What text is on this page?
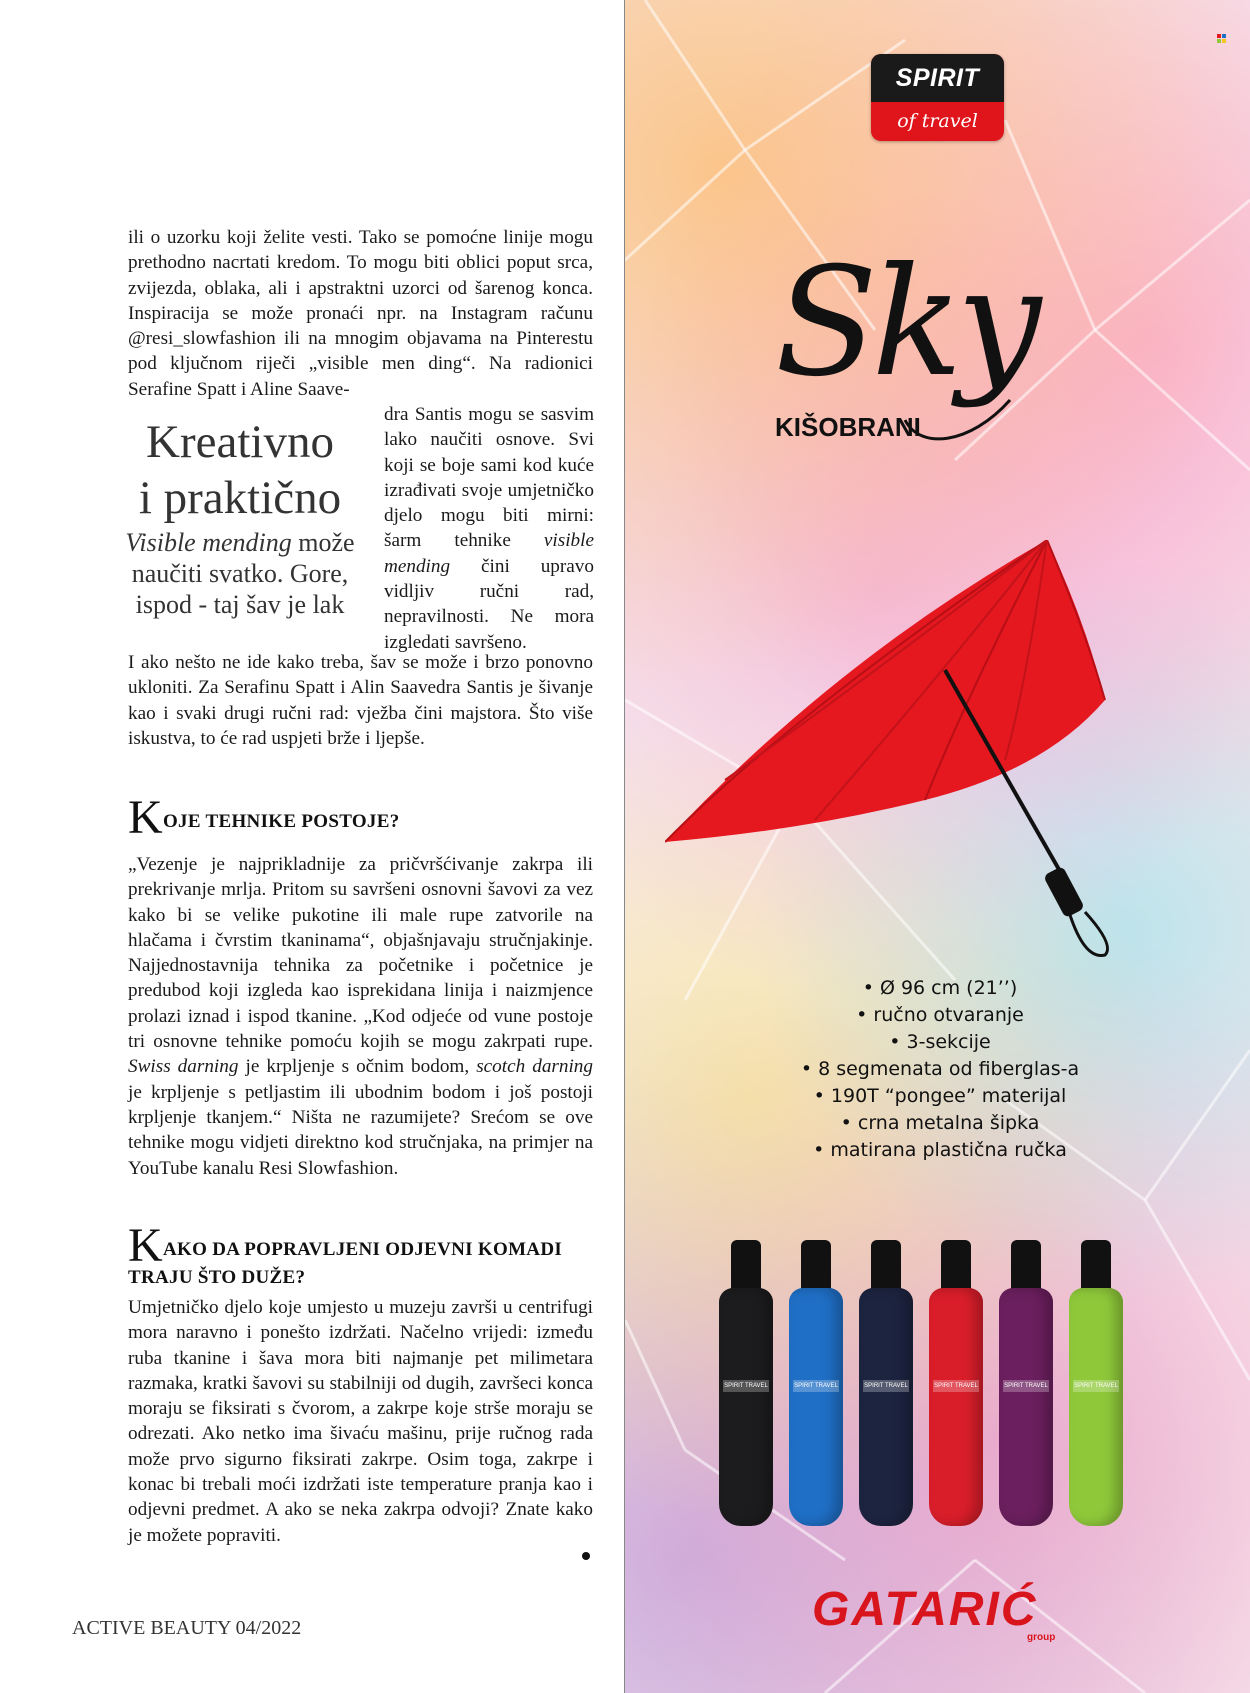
ili o uzorku koji želite vesti. Tako se pomoćne linije mogu prethodno nacrtati kredom. To mogu biti oblici poput srca, zvijezda, oblaka, ali i apstraktni uzorci od šarenog konca. Inspiracija se može pronaći npr. na Instagram računu @resi_slowfashion ili na mnogim objavama na Pinterestu pod ključnom riječi „visible men ding“. Na radionici Serafine Spatt i Aline Saave-

Kreativno
i praktično
Visible mending može naučiti svatko. Gore, ispod - taj šav je lak

dra Santis mogu se sasvim lako naučiti osnove. Svi koji se boje sami kod kuće izrađivati svoje umjetničko djelo mogu biti mirni: šarm tehnike visible mending čini upravo vidljiv ručni rad, nepravilnosti. Ne mora izgledati savršeno.

I ako nešto ne ide kako treba, šav se može i brzo ponovno ukloniti. Za Serafinu Spatt i Alin Saavedra Santis je šivanje kao i svaki drugi ručni rad: vježba čini majstora. Što više iskustva, to će rad uspjeti brže i ljepše.

KOJE TEHNIKE POSTOJE?

„Vezenje je najprikladnije za pričvršćivanje zakrpa ili prekrivanje mrlja. Pritom su savršeni osnovni šavovi za vez kako bi se velike pukotine ili male rupe zatvorile na hlačama i čvrstim tkaninama“, objašnjavaju stručnjakinje. Najjednostavnija tehnika za početnike i početnice je predubod koji izgleda kao isprekidana linija i naizmjence prolazi iznad i ispod tkanine. „Kod odjeće od vune postoje tri osnovne tehnike pomoću kojih se mogu zakrpati rupe. Swiss darning je krpljenje s očnim bodom, scotch darning je krpljenje s petljastim ili ubodnim bodom i još postoji krpljenje tkanjem.“ Ništa ne razumijete? Srećom se ove tehnike mogu vidjeti direktno kod stručnjaka, na primjer na YouTube kanalu Resi Slowfashion.

KAKO DA POPRAVLJENI ODJEVNI KOMADI TRAJU ŠTO DUŽE?

Umjetničko djelo koje umjesto u muzeju završi u centrifugi mora naravno i ponešto izdržati. Načelno vrijedi: između ruba tkanine i šava mora biti najmanje pet milimetara razmaka, kratki šavovi su stabilniji od dugih, završeci konca moraju se fiksirati s čvorom, a zakrpe koje strše moraju se odrezati. Ako netko ima šivaću mašinu, prije ručnog rada može prvo sigurno fiksirati zakrpe. Osim toga, zakrpe i konac bi trebali moći izdržati iste temperature pranja kao i odjevni predmet. A ako se neka zakrpa odvoji? Znate kako je možete popraviti.

ACTIVE BEAUTY 04/2022
SPIRIT
of travel
Sky
KIŠOBRANI
• Ø 96 cm (21’’)
• ručno otvaranje
• 3-sekcije
• 8 segmenata od fiberglas-a
• 190T “pongee” materijal
• crna metalna šipka
• matirana plastična ručka
SPIRIT TRAVEL	SPIRIT TRAVEL	SPIRIT TRAVEL	SPIRIT TRAVEL	SPIRIT TRAVEL	SPIRIT TRAVEL
GATARIĆ
group
